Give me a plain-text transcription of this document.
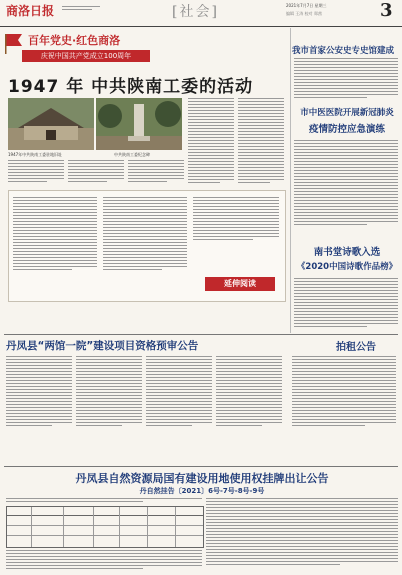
商洛日报	[社会]	2021年7月7日 星期三
编辑 王涛 校对 郑茜	3
百年党史·红色商洛
庆祝中国共产党成立100周年
1947 年 中共陕南工委的活动
1947年中共陕南工委驻地旧址	中共陕南工委纪念碑
延伸阅读
我市首家公安史专史馆建成
市中医医院开展新冠肺炎
疫情防控应急演练
南书堂诗歌入选
《2020中国诗歌作品榜》
丹凤县“两馆一院”建设项目资格预审公告	拍租公告
丹凤县自然资源局国有建设用地使用权挂牌出让公告
丹自然挂告〔2021〕6号-7号-8号-9号
